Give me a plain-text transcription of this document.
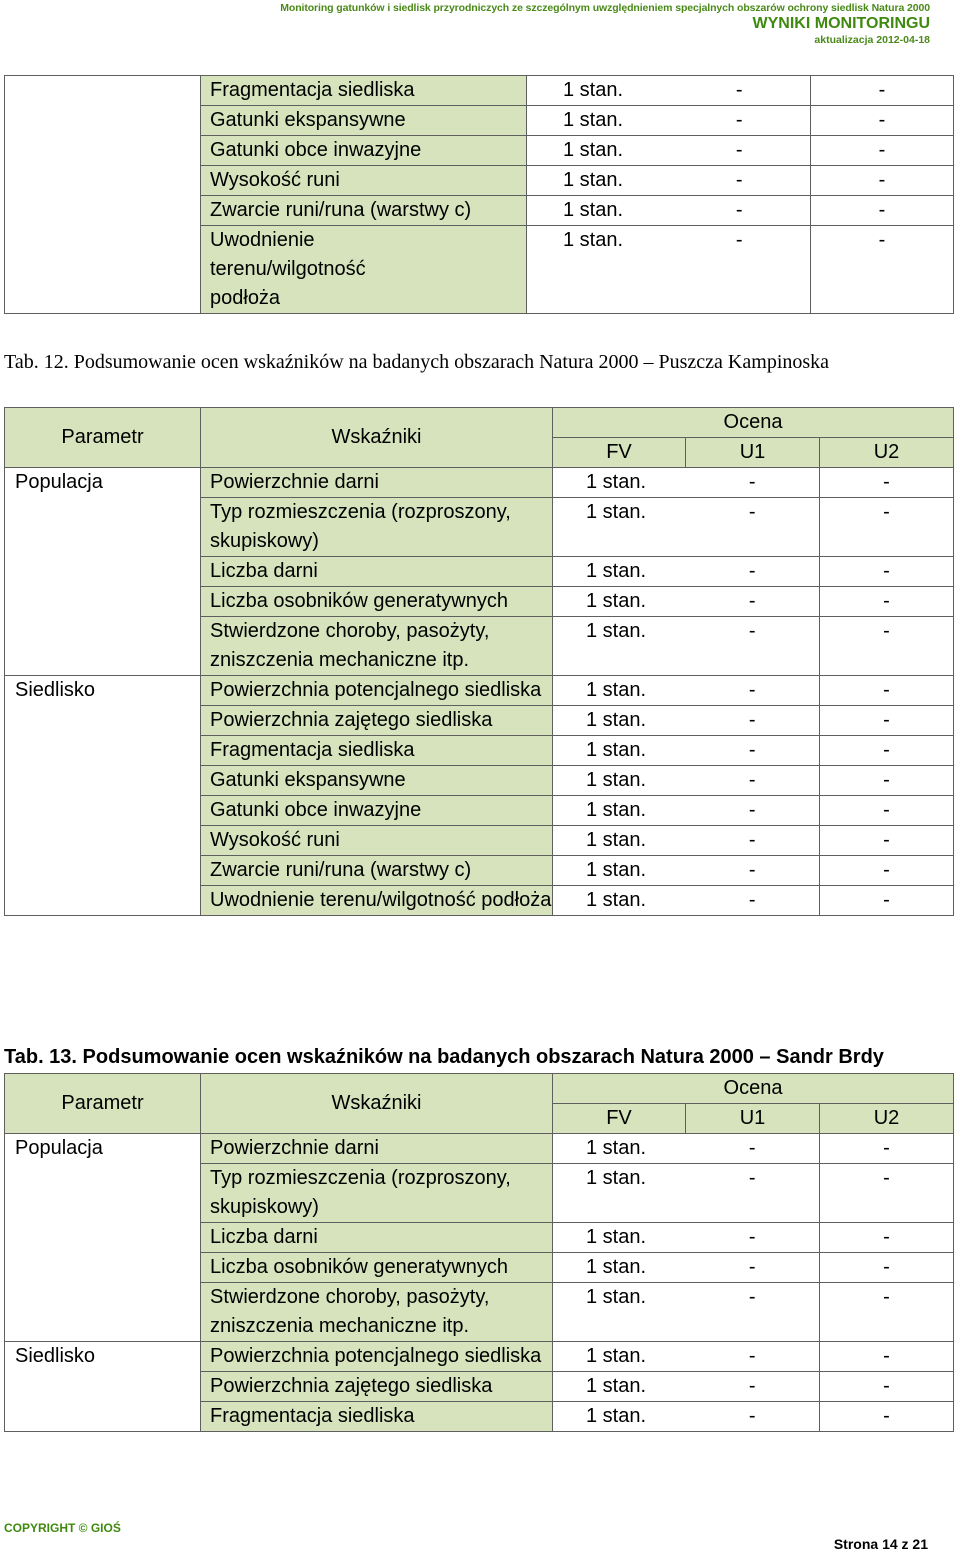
Monitoring gatunków i siedlisk przyrodniczych ze szczególnym uwzględnieniem specjalnych obszarów ochrony siedlisk Natura 2000
WYNIKI MONITORINGU
aktualizacja 2012-04-18
	Fragmentacja siedliska	1 stan.	-	-
	Gatunki ekspansywne	1 stan.	-	-
	Gatunki obce inwazyjne	1 stan.	-	-
	Wysokość runi	1 stan.	-	-
	Zwarcie runi/runa (warstwy c)	1 stan.	-	-
	Uwodnienie terenu/wilgotność podłoża	1 stan.	-	-
Tab. 12. Podsumowanie ocen wskaźników na badanych obszarach Natura 2000 – Puszcza Kampinoska
Parametr	Wskaźniki	Ocena		
		FV	U1	U2
Populacja	Powierzchnie darni	1 stan.	-	-
	Typ rozmieszczenia (rozproszony, skupiskowy)	1 stan.	-	-
	Liczba darni	1 stan.	-	-
	Liczba osobników generatywnych	1 stan.	-	-
	Stwierdzone choroby, pasożyty, zniszczenia mechaniczne itp.	1 stan.	-	-
Siedlisko	Powierzchnia potencjalnego siedliska	1 stan.	-	-
	Powierzchnia zajętego siedliska	1 stan.	-	-
	Fragmentacja siedliska	1 stan.	-	-
	Gatunki ekspansywne	1 stan.	-	-
	Gatunki obce inwazyjne	1 stan.	-	-
	Wysokość runi	1 stan.	-	-
	Zwarcie runi/runa (warstwy c)	1 stan.	-	-
	Uwodnienie terenu/wilgotność podłoża	1 stan.	-	-
Tab. 13. Podsumowanie ocen wskaźników na badanych obszarach Natura 2000 – Sandr Brdy
Parametr	Wskaźniki	Ocena		
		FV	U1	U2
Populacja	Powierzchnie darni	1 stan.	-	-
	Typ rozmieszczenia (rozproszony, skupiskowy)	1 stan.	-	-
	Liczba darni	1 stan.	-	-
	Liczba osobników generatywnych	1 stan.	-	-
	Stwierdzone choroby, pasożyty, zniszczenia mechaniczne itp.	1 stan.	-	-
Siedlisko	Powierzchnia potencjalnego siedliska	1 stan.	-	-
	Powierzchnia zajętego siedliska	1 stan.	-	-
	Fragmentacja siedliska	1 stan.	-	-
COPYRIGHT © GIOŚ
Strona 14 z 21
